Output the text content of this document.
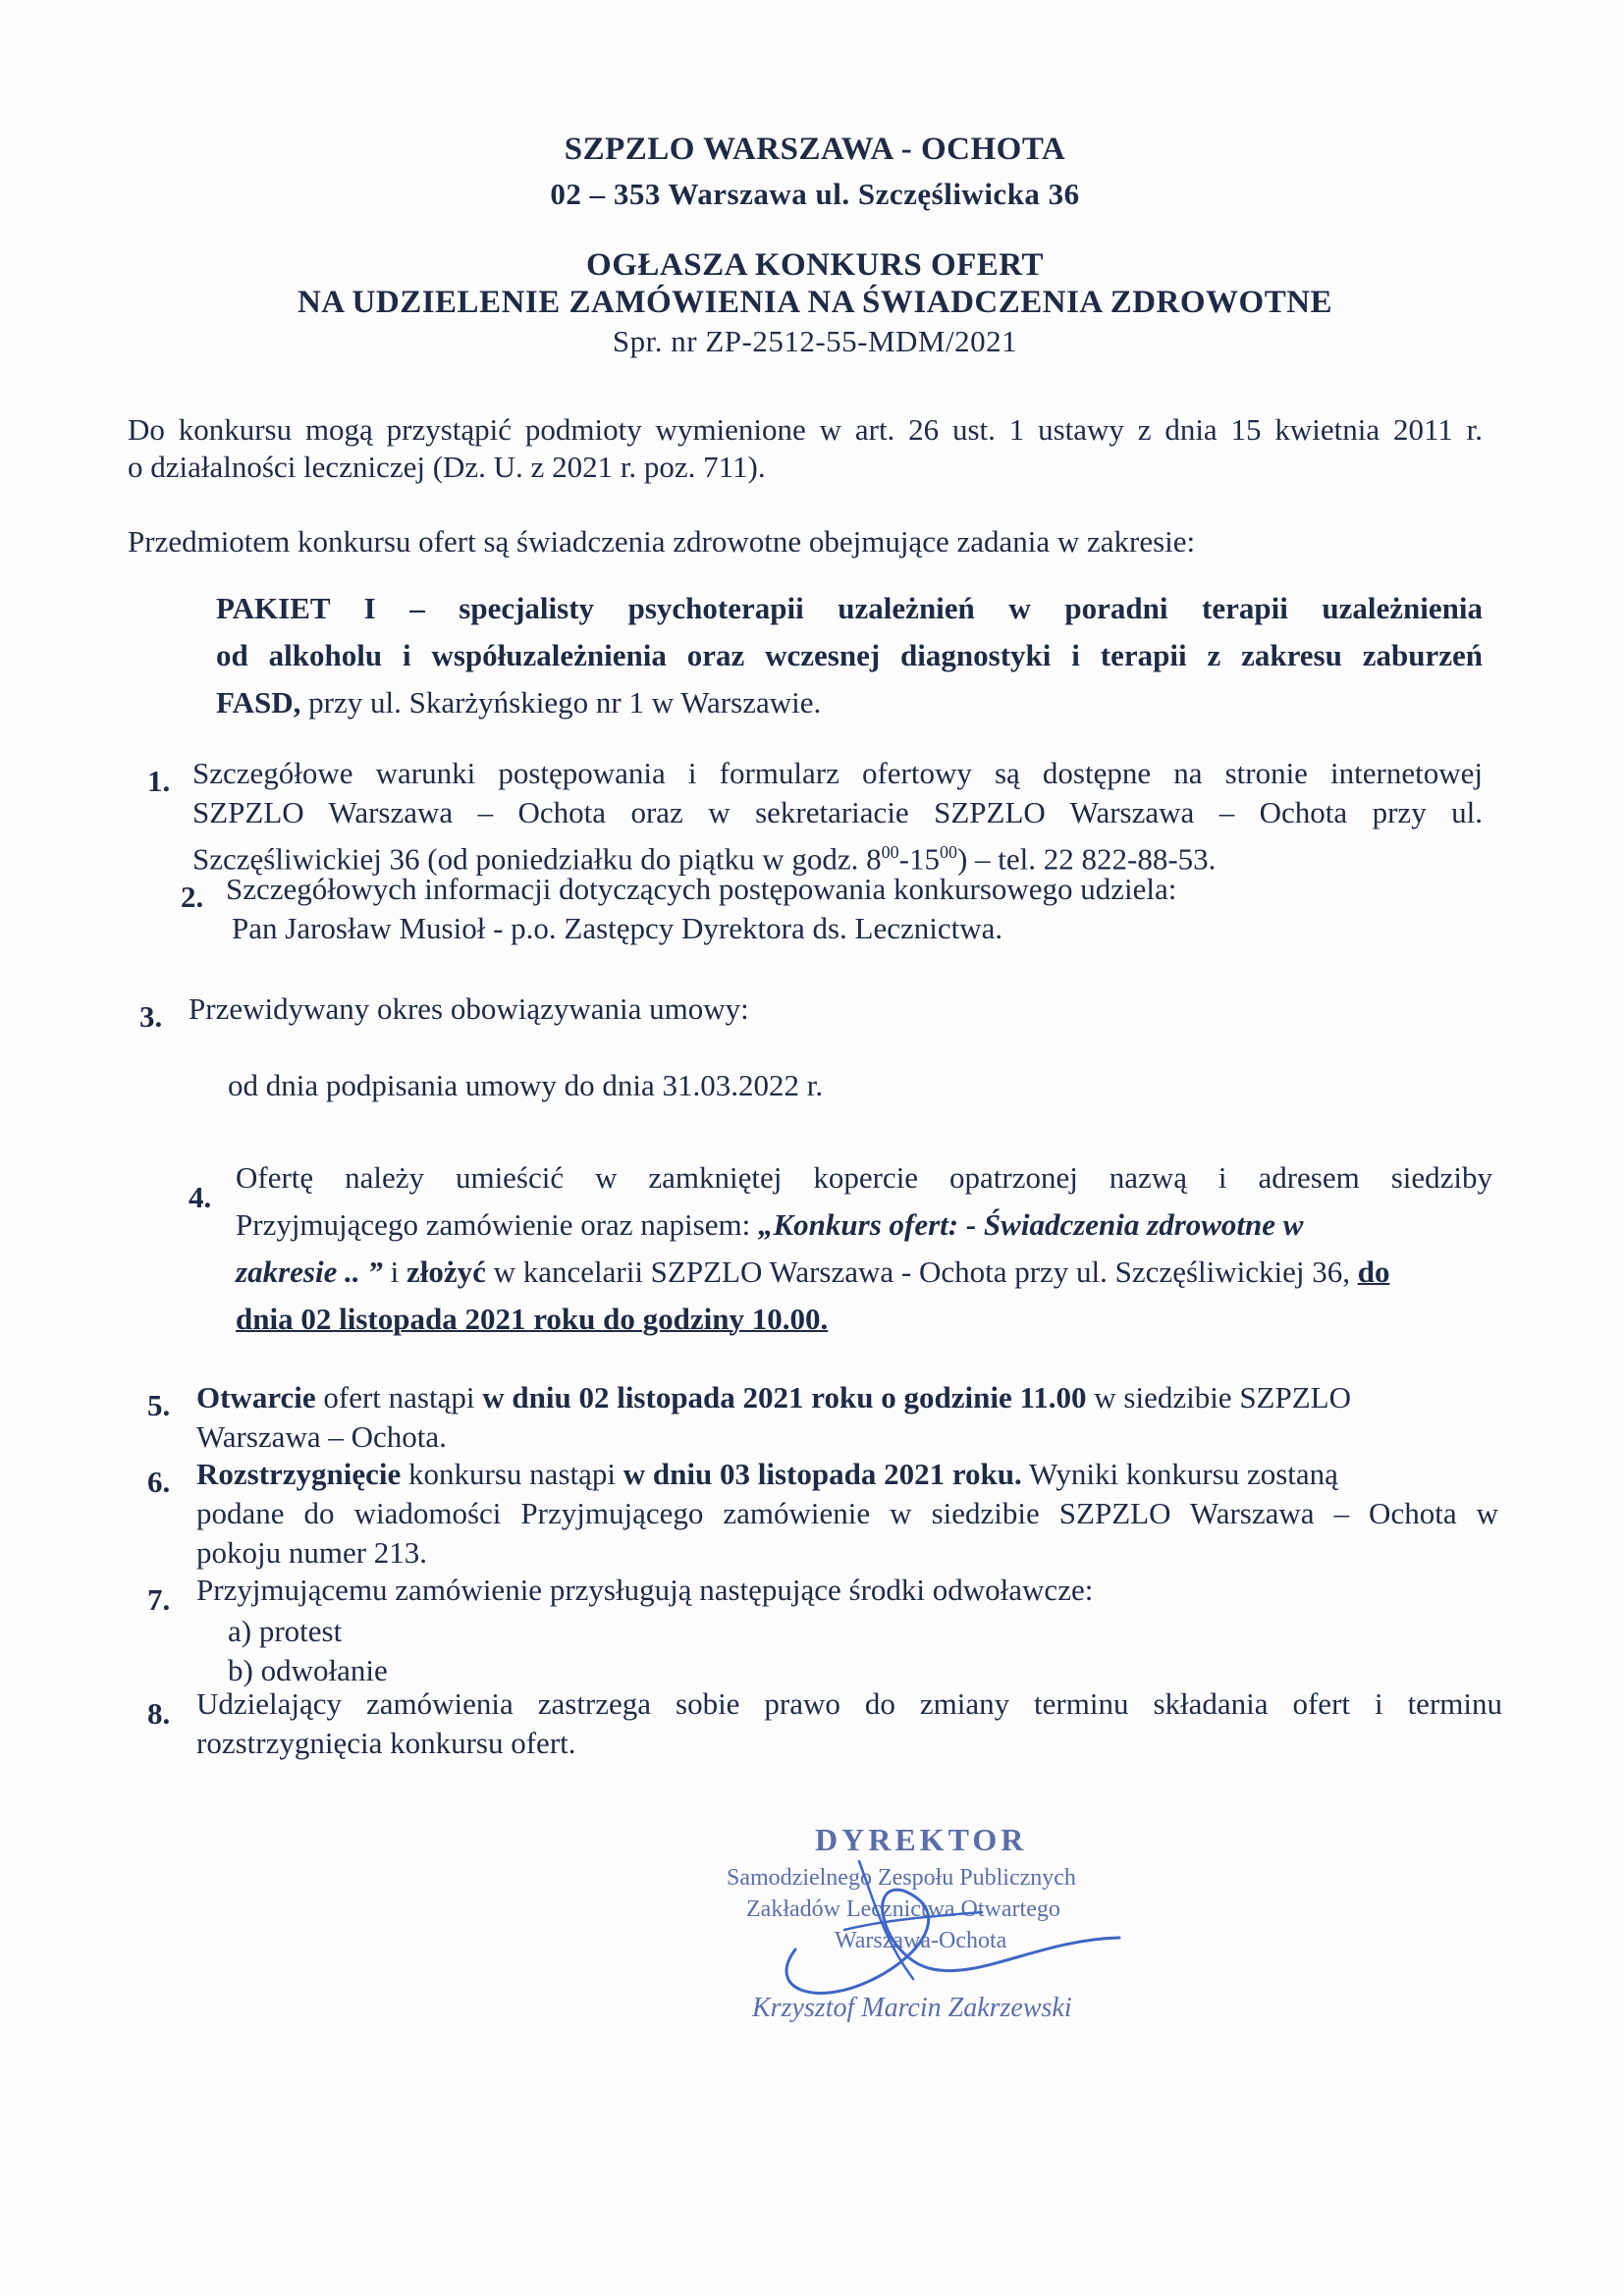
SZPZLO WARSZAWA - OCHOTA
02 – 353 Warszawa ul. Szczęśliwicka 36
OGŁASZA KONKURS OFERT
NA UDZIELENIE ZAMÓWIENIA NA ŚWIADCZENIA ZDROWOTNE
Spr. nr ZP-2512-55-MDM/2021
Do konkursu mogą przystąpić podmioty wymienione w art. 26 ust. 1 ustawy z dnia 15 kwietnia 2011 r.
o działalności leczniczej (Dz. U. z 2021 r. poz. 711).
Przedmiotem konkursu ofert są świadczenia zdrowotne obejmujące zadania w zakresie:
PAKIET I – specjalisty psychoterapii uzależnień w poradni terapii uzależnienia
od alkoholu i współuzależnienia oraz wczesnej diagnostyki i terapii z zakresu zaburzeń
FASD, przy ul. Skarżyńskiego nr 1 w Warszawie.
1. Szczegółowe warunki postępowania i formularz ofertowy są dostępne na stronie internetowej
SZPZLO Warszawa – Ochota oraz w sekretariacie SZPZLO Warszawa – Ochota przy ul.
Szczęśliwickiej 36 (od poniedziałku do piątku w godz. $8^{00}-15^{00}$) – tel. 22 822-88-53.
2. Szczegółowych informacji dotyczących postępowania konkursowego udziela:
Pan Jarosław Musioł - p.o. Zastępcy Dyrektora ds. Lecznictwa.
3. Przewidywany okres obowiązywania umowy:
od dnia podpisania umowy do dnia 31.03.2022 r.
4.
Ofertę należy umieścić w zamkniętej kopercie opatrzonej nazwą i adresem siedziby
Przyjmującego zamówienie oraz napisem: „Konkurs ofert: - Świadczenia zdrowotne w
zakresie .. ” i złożyć w kancelarii SZPZLO Warszawa - Ochota przy ul. Szczęśliwickiej 36, do
dnia 02 listopada 2021 roku do godziny 10.00.
5. Otwarcie ofert nastąpi w dniu 02 listopada 2021 roku o godzinie 11.00 w siedzibie SZPZLO
Warszawa – Ochota.
6. Rozstrzygnięcie konkursu nastąpi w dniu 03 listopada 2021 roku. Wyniki konkursu zostaną
podane do wiadomości Przyjmującego zamówienie w siedzibie SZPZLO Warszawa – Ochota w
pokoju numer 213.
7. Przyjmującemu zamówienie przysługują następujące środki odwoławcze:
a) protest
b) odwołanie
8. Udzielający zamówienia zastrzega sobie prawo do zmiany terminu składania ofert i terminu
rozstrzygnięcia konkursu ofert.
DYREKTOR
Samodzielnego Zespołu Publicznych
Zakładów Lecznictwa Otwartego
Warszawa-Ochota
Krzysztof Marcin Zakrzewski
